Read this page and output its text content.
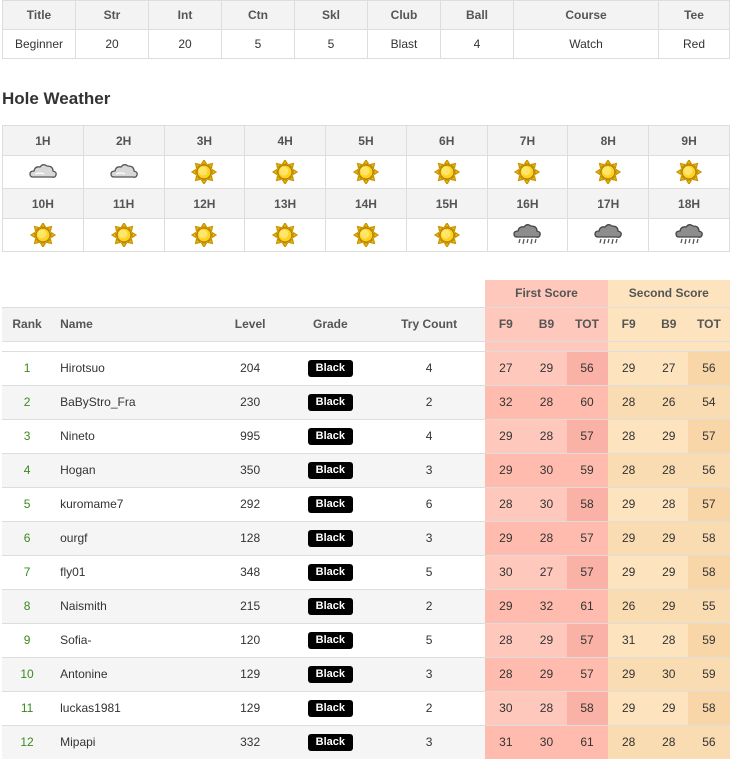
Title	Str	Int	Ctn	Skl	Club	Ball	Course	Tee
Beginner	20	20	5	5	Blast	4	Watch	Red
Hole Weather
1H	2H	3H	4H	5H	6H	7H	8H	9H

10H	11H	12H	13H	14H	15H	16H	17H	18H

					First Score			Second Score		
Rank	Name	Level	Grade	Try Count	F9	B9	TOT	F9	B9	TOT

1	Hirotsuo	204	Black	4	27	29	56	29	27	56
2	BaByStro_Fra	230	Black	2	32	28	60	28	26	54
3	Nineto	995	Black	4	29	28	57	28	29	57
4	Hogan	350	Black	3	29	30	59	28	28	56
5	kuromame7	292	Black	6	28	30	58	29	28	57
6	ourgf	128	Black	3	29	28	57	29	29	58
7	fly01	348	Black	5	30	27	57	29	29	58
8	Naismith	215	Black	2	29	32	61	26	29	55
9	Sofia-	120	Black	5	28	29	57	31	28	59
10	Antonine	129	Black	3	28	29	57	29	30	59
11	luckas1981	129	Black	2	30	28	58	29	29	58
12	Mipapi	332	Black	3	31	30	61	28	28	56
